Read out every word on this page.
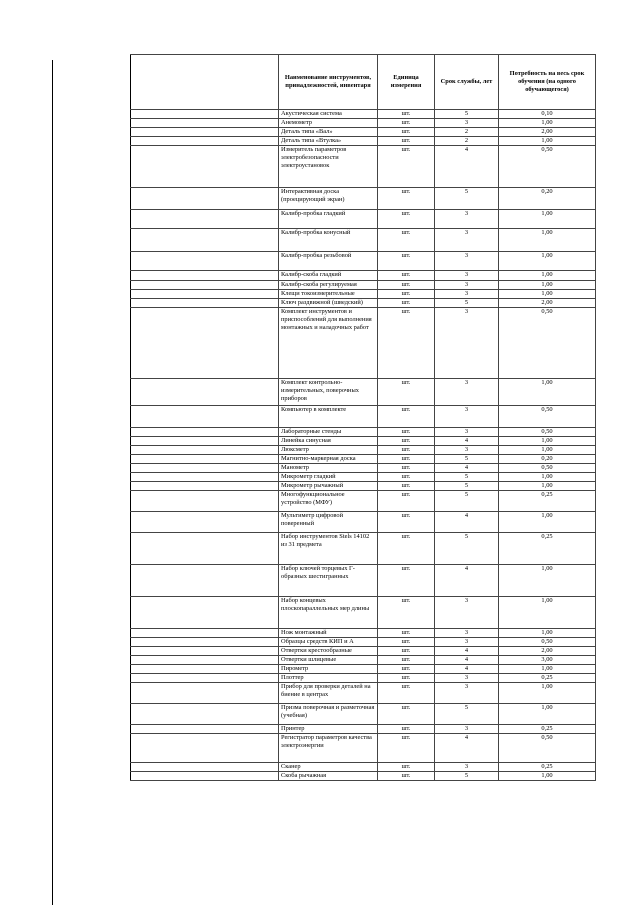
	Наименование инструментов, принадлежностей, инвентаря	Единица измерения	Срок службы, лет	Потребность на весь срок обучения (на одного обучающегося)
	Акустическая система	шт.	5	0,10
	Анемометр	шт.	3	1,00
	Деталь типа «Вал»	шт.	2	2,00
	Деталь типа «Втулка»	шт.	2	1,00
	Измеритель параметров электробезопасности электроустановок	шт.	4	0,50
	Интерактивная доска (проецирующий экран)	шт.	5	0,20
	Калибр-пробка гладкий	шт.	3	1,00
	Калибр-пробка конусный	шт.	3	1,00
	Калибр-пробка резьбовой	шт.	3	1,00
	Калибр-скоба гладкий	шт.	3	1,00
	Калибр-скоба регулируемая	шт.	3	1,00
	Клещи токоизмерительные	шт.	3	1,00
	Ключ раздвижной (шведский)	шт.	5	2,00
	Комплект инструментов и приспособлений для выполнения монтажных и наладочных работ	шт.	3	0,50
	Комплект контрольно-измерительных, поверочных приборов	шт.	3	1,00
	Компьютер в комплекте	шт.	3	0,50
	Лабораторные стенды	шт.	3	0,50
	Линейка синусная	шт.	4	1,00
	Люксметр	шт.	3	1,00
	Магнитно-маркерная доска	шт.	5	0,20
	Манометр	шт.	4	0,50
	Микрометр гладкий	шт.	5	1,00
	Микрометр рычажный	шт.	5	1,00
	Многофункциональное устройство (МФУ)	шт.	5	0,25
	Мультиметр цифровой поверенный	шт.	4	1,00
	Набор инструментов Stels 14102 из 31 предмета	шт.	5	0,25
	Набор ключей торцевых Г-образных шестигранных	шт.	4	1,00
	Набор концевых плоскопараллельных мер длины	шт.	3	1,00
	Нож монтажный	шт.	3	1,00
	Образцы средств КИП и А	шт.	3	0,50
	Отвертки крестообразные	шт.	4	2,00
	Отвертки шлицевые	шт.	4	3,00
	Пирометр	шт.	4	1,00
	Плоттер	шт.	3	0,25
	Прибор для проверки деталей на биение в центрах	шт.	3	1,00
	Призма поверочная и разметочная (учебная)	шт.	5	1,00
	Принтер	шт.	3	0,25
	Регистратор параметров качества электроэнергии	шт.	4	0,50
	Сканер	шт.	3	0,25
	Скоба рычажная	шт.	5	1,00
